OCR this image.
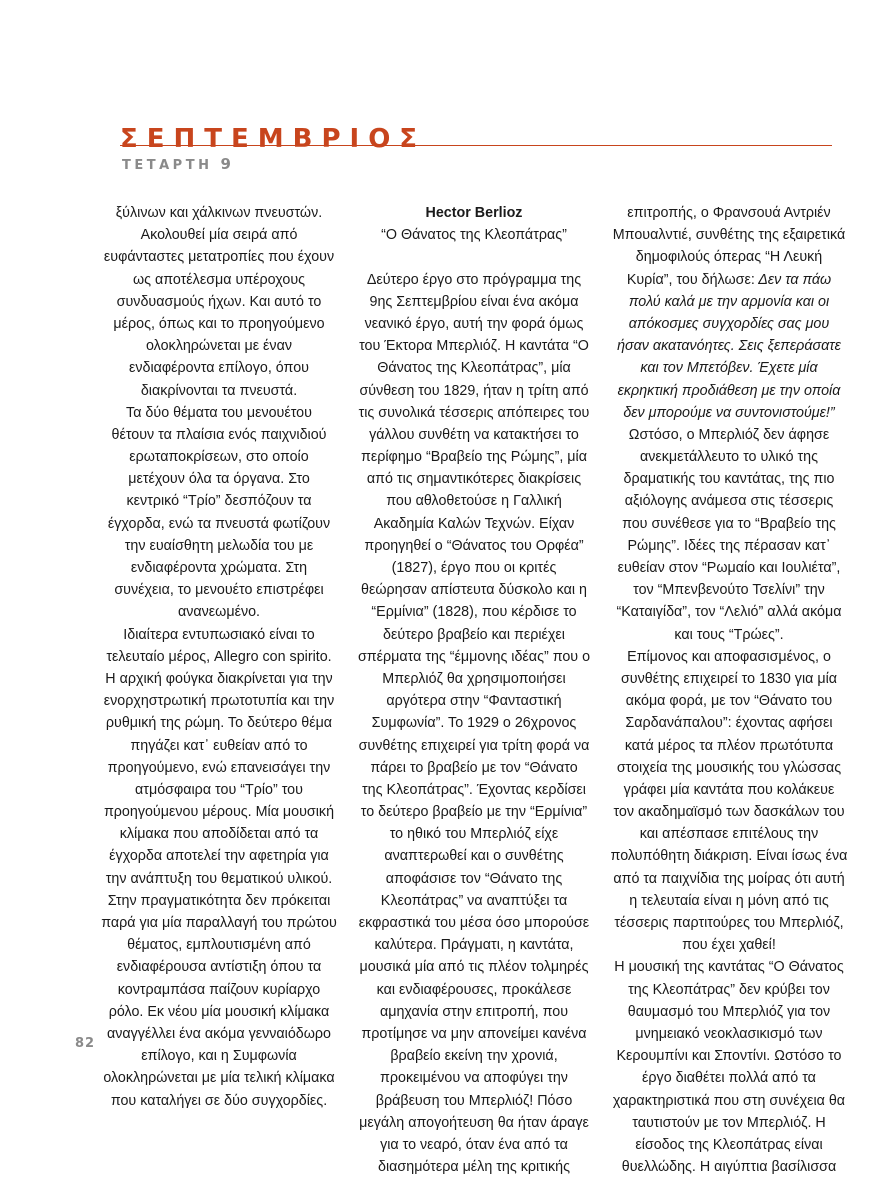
ΣΕΠΤΕΜΒΡΙΟΣ
ΤΕΤΑΡΤΗ 9
ξύλινων και χάλκινων πνευστών.
Ακολουθεί μία σειρά από
ευφάνταστες μετατροπίες που έχουν
ως αποτέλεσμα υπέροχους
συνδυασμούς ήχων. Και αυτό το
μέρος, όπως και το προηγούμενο
ολοκληρώνεται με έναν
ενδιαφέροντα επίλογο, όπου
διακρίνονται τα πνευστά.
Τα δύο θέματα του μενουέτου
θέτουν τα πλαίσια ενός παιχνιδιού
ερωταποκρίσεων, στο οποίο
μετέχουν όλα τα όργανα. Στο
κεντρικό “Τρίο” δεσπόζουν τα
έγχορδα, ενώ τα πνευστά φωτίζουν
την ευαίσθητη μελωδία του με
ενδιαφέροντα χρώματα. Στη
συνέχεια, το μενουέτο επιστρέφει
ανανεωμένο.
Ιδιαίτερα εντυπωσιακό είναι το
τελευταίο μέρος, Allegro con spirito.
Η αρχική φούγκα διακρίνεται για την
ενορχηστρωτική πρωτοτυπία και την
ρυθμική της ρώμη. Το δεύτερο θέμα
πηγάζει κατ᾽ ευθείαν από το
προηγούμενο, ενώ επανεισάγει την
ατμόσφαιρα του “Τρίο” του
προηγούμενου μέρους. Μία μουσική
κλίμακα που αποδίδεται από τα
έγχορδα αποτελεί την αφετηρία για
την ανάπτυξη του θεματικού υλικού.
Στην πραγματικότητα δεν πρόκειται
παρά για μία παραλλαγή του πρώτου
θέματος, εμπλουτισμένη από
ενδιαφέρουσα αντίστιξη όπου τα
κοντραμπάσα παίζουν κυρίαρχο
ρόλο. Εκ νέου μία μουσική κλίμακα
αναγγέλλει ένα ακόμα γενναιόδωρο
επίλογο, και η Συμφωνία
ολοκληρώνεται με μία τελική κλίμακα
που καταλήγει σε δύο συγχορδίες.
Hector Berlioz
“Ο Θάνατος της Κλεοπάτρας”
Δεύτερο έργο στο πρόγραμμα της
9ης Σεπτεμβρίου είναι ένα ακόμα
νεανικό έργο, αυτή την φορά όμως
του Έκτορα Μπερλιόζ. Η καντάτα “Ο
Θάνατος της Κλεοπάτρας”, μία
σύνθεση του 1829, ήταν η τρίτη από
τις συνολικά τέσσερις απόπειρες του
γάλλου συνθέτη να κατακτήσει το
περίφημο “Βραβείο της Ρώμης”, μία
από τις σημαντικότερες διακρίσεις
που αθλοθετούσε η Γαλλική
Ακαδημία Καλών Τεχνών. Είχαν
προηγηθεί ο “Θάνατος του Ορφέα”
(1827), έργο που οι κριτές
θεώρησαν απίστευτα δύσκολο και η
“Ερμίνια” (1828), που κέρδισε το
δεύτερο βραβείο και περιέχει
σπέρματα της “έμμονης ιδέας” που ο
Μπερλιόζ θα χρησιμοποιήσει
αργότερα στην “Φανταστική
Συμφωνία”. Το 1929 ο 26χρονος
συνθέτης επιχειρεί για τρίτη φορά να
πάρει το βραβείο με τον “Θάνατο
της Κλεοπάτρας”. Έχοντας κερδίσει
το δεύτερο βραβείο με την “Ερμίνια”
το ηθικό του Μπερλιόζ είχε
αναπτερωθεί και ο συνθέτης
αποφάσισε τον “Θάνατο της
Κλεοπάτρας” να αναπτύξει τα
εκφραστικά του μέσα όσο μπορούσε
καλύτερα. Πράγματι, η καντάτα,
μουσικά μία από τις πλέον τολμηρές
και ενδιαφέρουσες, προκάλεσε
αμηχανία στην επιτροπή, που
προτίμησε να μην απονείμει κανένα
βραβείο εκείνη την χρονιά,
προκειμένου να αποφύγει την
βράβευση του Μπερλιόζ! Πόσο
μεγάλη απογοήτευση θα ήταν άραγε
για το νεαρό, όταν ένα από τα
διασημότερα μέλη της κριτικής
επιτροπής, ο Φρανσουά Αντριέν
Μπουαλντιέ, συνθέτης της εξαιρετικά
δημοφιλούς όπερας “Η Λευκή
Κυρία”, του δήλωσε: Δεν τα πάω
πολύ καλά με την αρμονία και οι
απόκοσμες συγχορδίες σας μου
ήσαν ακατανόητες. Σεις ξεπεράσατε
και τον Μπετόβεν. Έχετε μία
εκρηκτική προδιάθεση με την οποία
δεν μπορούμε να συντονιστούμε!”
Ωστόσο, ο Μπερλιόζ δεν άφησε
ανεκμετάλλευτο το υλικό της
δραματικής του καντάτας, της πιο
αξιόλογης ανάμεσα στις τέσσερις
που συνέθεσε για το “Βραβείο της
Ρώμης”. Ιδέες της πέρασαν κατ᾽
ευθείαν στον “Ρωμαίο και Ιουλιέτα”,
τον “Μπενβενούτο Τσελίνι” την
“Καταιγίδα”, τον “Λελιό” αλλά ακόμα
και τους “Τρώες”.
Επίμονος και αποφασισμένος, ο
συνθέτης επιχειρεί το 1830 για μία
ακόμα φορά, με τον “Θάνατο του
Σαρδανάπαλου”: έχοντας αφήσει
κατά μέρος τα πλέον πρωτότυπα
στοιχεία της μουσικής του γλώσσας
γράφει μία καντάτα που κολάκευε
τον ακαδημαϊσμό των δασκάλων του
και απέσπασε επιτέλους την
πολυπόθητη διάκριση. Είναι ίσως ένα
από τα παιχνίδια της μοίρας ότι αυτή
η τελευταία είναι η μόνη από τις
τέσσερις παρτιτούρες του Μπερλιόζ,
που έχει χαθεί!
Η μουσική της καντάτας “Ο Θάνατος
της Κλεοπάτρας” δεν κρύβει τον
θαυμασμό του Μπερλιόζ για τον
μνημειακό νεοκλασικισμό των
Κερουμπίνι και Σποντίνι. Ωστόσο το
έργο διαθέτει πολλά από τα
χαρακτηριστικά που στη συνέχεια θα
ταυτιστούν με τον Μπερλιόζ. Η
είσοδος της Κλεοπάτρας είναι
θυελλώδης. Η αιγύπτια βασίλισσα
82
